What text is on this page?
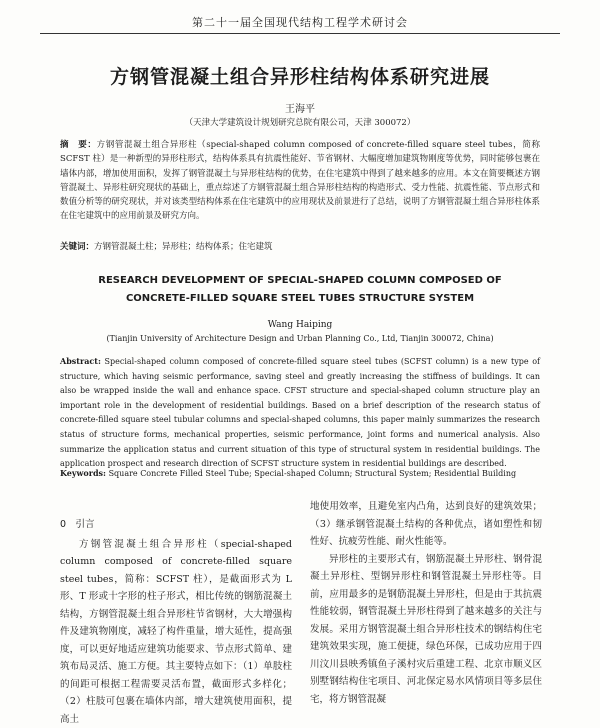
第二十一届全国现代结构工程学术研讨会
方钢管混凝土组合异形柱结构体系研究进展
王海平
（天津大学建筑设计规划研究总院有限公司，天津 300072）
摘　要：方钢管混凝土组合异形柱（special-shaped column composed of concrete-filled square steel tubes，简称SCFST 柱）是一种新型的异形柱形式，结构体系具有抗震性能好、节省钢材、大幅度增加建筑物刚度等优势，同时能够包裹在墙体内部，增加使用面积，发挥了钢管混凝土与异形柱结构的优势，在住宅建筑中得到了越来越多的应用。本文在简要概述方钢管混凝土、异形柱研究现状的基础上，重点综述了方钢管混凝土组合异形柱结构的构造形式、受力性能、抗震性能、节点形式和数值分析等的研究现状，并对该类型结构体系在住宅建筑中的应用现状及前景进行了总结，说明了方钢管混凝土组合异形柱体系在住宅建筑中的应用前景及研究方向。
关键词：方钢管混凝土柱；异形柱；结构体系；住宅建筑
RESEARCH DEVELOPMENT OF SPECIAL-SHAPED COLUMN COMPOSED OF CONCRETE-FILLED SQUARE STEEL TUBES STRUCTURE SYSTEM
Wang Haiping
(Tianjin University of Architecture Design and Urban Planning Co., Ltd, Tianjin 300072, China)
Abstract: Special-shaped column composed of concrete-filled square steel tubes (SCFST column) is a new type of structure, which having seismic performance, saving steel and greatly increasing the stiffness of buildings. It can also be wrapped inside the wall and enhance space. CFST structure and special-shaped column structure play an important role in the development of residential buildings. Based on a brief description of the research status of concrete-filled square steel tubular columns and special-shaped columns, this paper mainly summarizes the research status of structure forms, mechanical properties, seismic performance, joint forms and numerical analysis. Also summarize the application status and current situation of this type of structural system in residential buildings. The application prospect and research direction of SCFST structure system in residential buildings are described.
Keywords: Square Concrete Filled Steel Tube; Special-shaped Column; Structural System; Residential Building
0　引言

方钢管混凝土组合异形柱（special-shaped column composed of concrete-filled square steel tubes，简称：SCFST 柱），是截面形式为 L 形、T 形或十字形的柱子形式，相比传统的钢筋混凝土结构，方钢管混凝土组合异形柱节省钢材，大大增强构件及建筑物刚度，减轻了构件重量，增大延性，提高强度，可以更好地适应建筑功能要求、节点形式简单、建筑布局灵活、施工方便。其主要特点如下：（1）单肢柱的间距可根据工程需要灵活布置，截面形式多样化；（2）柱肢可包裹在墙体内部，增大建筑使用面积，提高土

地使用效率，且避免室内凸角，达到良好的建筑效果；（3）继承钢管混凝土结构的各种优点，诸如塑性和韧性好、抗疲劳性能、耐火性能等。

异形柱的主要形式有，钢筋混凝土异形柱、钢骨混凝土异形柱、型钢异形柱和钢管混凝土异形柱等。目前，应用最多的是钢筋混凝土异形柱，但是由于其抗震性能较弱，钢管混凝土异形柱得到了越来越多的关注与发展。采用方钢管混凝土组合异形柱技术的钢结构住宅建筑效果实现，施工便捷，绿色环保，已成功应用于四川汶川县映秀镇鱼子溪村灾后重建工程、北京市顺义区别墅钢结构住宅项目、河北保定易水风情项目等多层住宅，将方钢管混凝
